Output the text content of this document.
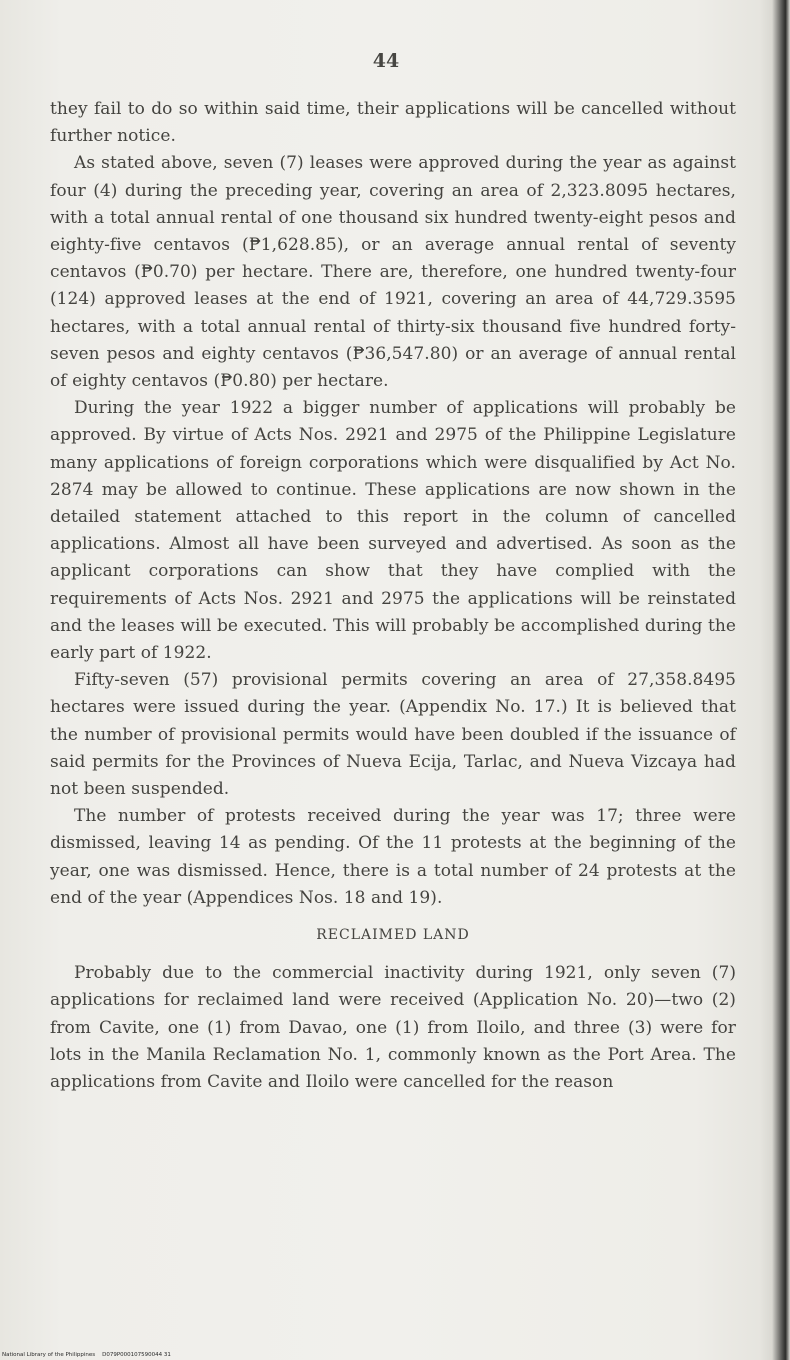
44

they fail to do so within said time, their applications will be cancelled without further notice.

As stated above, seven (7) leases were approved during the year as against four (4) during the preceding year, covering an area of 2,323.8095 hectares, with a total annual rental of one thousand six hundred twenty-eight pesos and eighty-five centavos (₱1,628.85), or an average annual rental of seventy centavos (₱0.70) per hectare. There are, therefore, one hundred twenty-four (124) approved leases at the end of 1921, covering an area of 44,729.3595 hectares, with a total annual rental of thirty-six thousand five hundred forty-seven pesos and eighty centavos (₱36,547.80) or an average of annual rental of eighty centavos (₱0.80) per hectare.

During the year 1922 a bigger number of applications will probably be approved. By virtue of Acts Nos. 2921 and 2975 of the Philippine Legislature many applications of foreign corporations which were disqualified by Act No. 2874 may be allowed to continue. These applications are now shown in the detailed statement attached to this report in the column of cancelled applications. Almost all have been surveyed and advertised. As soon as the applicant corporations can show that they have complied with the requirements of Acts Nos. 2921 and 2975 the applications will be reinstated and the leases will be executed. This will probably be accomplished during the early part of 1922.

Fifty-seven (57) provisional permits covering an area of 27,358.8495 hectares were issued during the year. (Appendix No. 17.) It is believed that the number of provisional permits would have been doubled if the issuance of said permits for the Provinces of Nueva Ecija, Tarlac, and Nueva Vizcaya had not been suspended.

The number of protests received during the year was 17; three were dismissed, leaving 14 as pending. Of the 11 protests at the beginning of the year, one was dismissed. Hence, there is a total number of 24 protests at the end of the year (Appendices Nos. 18 and 19).

RECLAIMED LAND

Probably due to the commercial inactivity during 1921, only seven (7) applications for reclaimed land were received (Application No. 20)—two (2) from Cavite, one (1) from Davao, one (1) from Iloilo, and three (3) were for lots in the Manila Reclamation No. 1, commonly known as the Port Area. The applications from Cavite and Iloilo were cancelled for the reason

National Library of the Philippines    D079P000107590044 31
